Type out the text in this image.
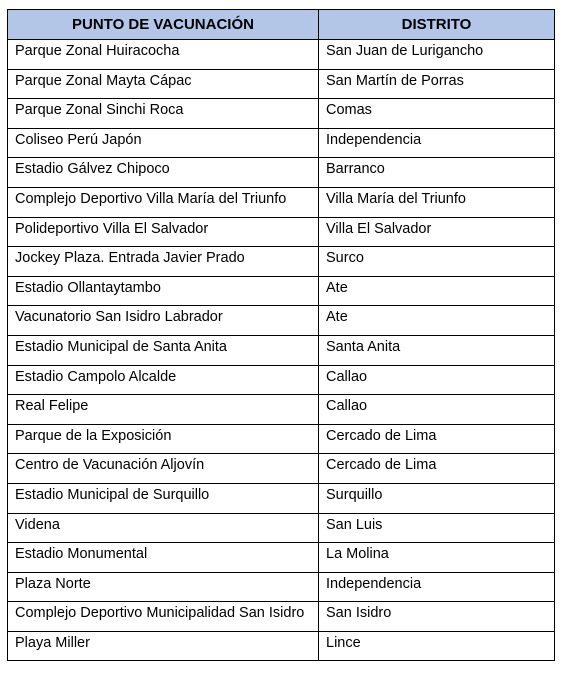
PUNTO DE VACUNACIÓN	DISTRITO
Parque Zonal Huiracocha	San Juan de Lurigancho
Parque Zonal Mayta Cápac	San Martín de Porras
Parque Zonal Sinchi Roca	Comas
Coliseo Perú Japón	Independencia
Estadio Gálvez Chipoco	Barranco
Complejo Deportivo Villa María del Triunfo	Villa María del Triunfo
Polideportivo Villa El Salvador	Villa El Salvador
Jockey Plaza. Entrada Javier Prado	Surco
Estadio Ollantaytambo	Ate
Vacunatorio San Isidro Labrador	Ate
Estadio Municipal de Santa Anita	Santa Anita
Estadio Campolo Alcalde	Callao
Real Felipe	Callao
Parque de la Exposición	Cercado de Lima
Centro de Vacunación Aljovín	Cercado de Lima
Estadio Municipal de Surquillo	Surquillo
Videna	San Luis
Estadio Monumental	La Molina
Plaza Norte	Independencia
Complejo Deportivo Municipalidad San Isidro	San Isidro
Playa Miller	Lince
